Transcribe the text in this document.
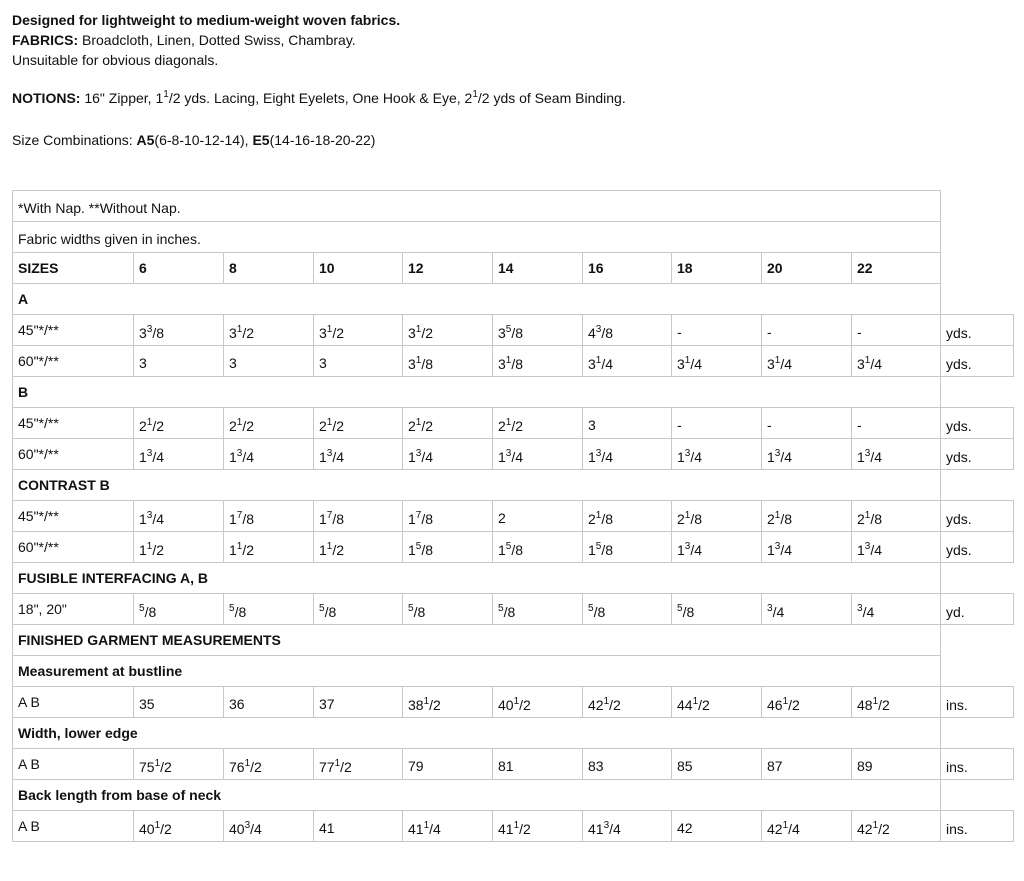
Designed for lightweight to medium-weight woven fabrics.

FABRICS: Broadcloth, Linen, Dotted Swiss, Chambray.

Unsuitable for obvious diagonals.

NOTIONS: 16" Zipper, $1^1/2$ yds. Lacing, Eight Eyelets, One Hook & Eye, $2^1/2$ yds of Seam Binding.

Size Combinations: A5(6-8-10-12-14), E5(14-16-18-20-22)

*With Nap. **Without Nap.										
Fabric widths given in inches.										
SIZES	6	8	10	12	14	16	18	20	22	
A										
45"*/**	$3^3/8$	$3^1/2$	$3^1/2$	$3^1/2$	$3^5/8$	$4^3/8$	-	-	-	yds.
60"*/**	3	3	3	$3^1/8$	$3^1/8$	$3^1/4$	$3^1/4$	$3^1/4$	$3^1/4$	yds.
B										
45"*/**	$2^1/2$	$2^1/2$	$2^1/2$	$2^1/2$	$2^1/2$	3	-	-	-	yds.
60"*/**	$1^3/4$	$1^3/4$	$1^3/4$	$1^3/4$	$1^3/4$	$1^3/4$	$1^3/4$	$1^3/4$	$1^3/4$	yds.
CONTRAST B										
45"*/**	$1^3/4$	$1^7/8$	$1^7/8$	$1^7/8$	2	$2^1/8$	$2^1/8$	$2^1/8$	$2^1/8$	yds.
60"*/**	$1^1/2$	$1^1/2$	$1^1/2$	$1^5/8$	$1^5/8$	$1^5/8$	$1^3/4$	$1^3/4$	$1^3/4$	yds.
FUSIBLE INTERFACING A, B										
18", 20"	$^5$/8	$^5$/8	$^5$/8	$^5$/8	$^5$/8	$^5$/8	$^5$/8	$^3$/4	$^3$/4	yd.
FINISHED GARMENT MEASUREMENTS										
Measurement at bustline										
A B	35	36	37	$38^1/2$	$40^1/2$	$42^1/2$	$44^1/2$	$46^1/2$	$48^1/2$	ins.
Width, lower edge										
A B	$75^1/2$	$76^1/2$	$77^1/2$	79	81	83	85	87	89	ins.
Back length from base of neck										
A B	$40^1/2$	$40^3/4$	41	$41^1/4$	$41^1/2$	$41^3/4$	42	$42^1/4$	$42^1/2$	ins.
